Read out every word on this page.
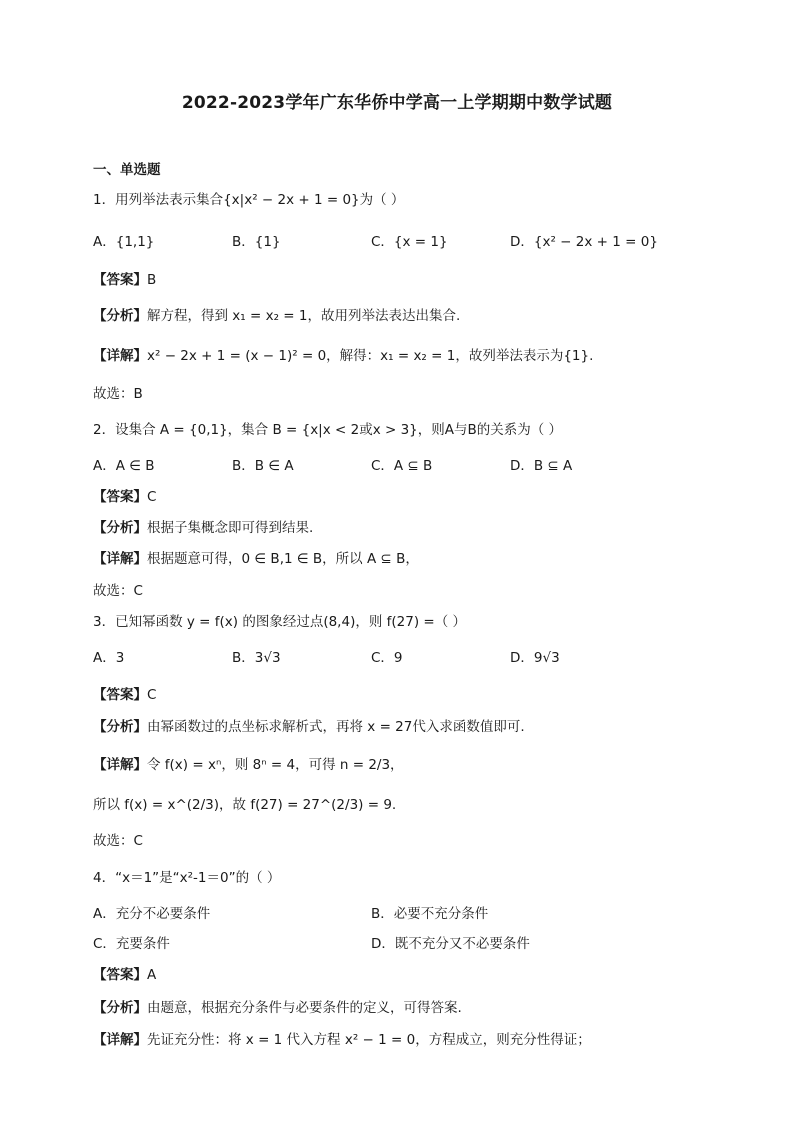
2022-2023学年广东华侨中学高一上学期期中数学试题
一、单选题
1．用列举法表示集合{x|x² − 2x + 1 = 0}为（ ）
A．{1,1}	B．{1}	C．{x = 1}	D．{x² − 2x + 1 = 0}
【答案】B
【分析】解方程，得到 x₁ = x₂ = 1，故用列举法表达出集合.
【详解】x² − 2x + 1 = (x − 1)² = 0，解得：x₁ = x₂ = 1，故列举法表示为{1}.
故选：B
2．设集合 A = {0,1}，集合 B = {x|x < 2或x > 3}，则A与B的关系为（ ）
A．A ∈ B	B．B ∈ A	C．A ⊆ B	D．B ⊆ A
【答案】C
【分析】根据子集概念即可得到结果.
【详解】根据题意可得，0 ∈ B,1 ∈ B，所以 A ⊆ B，
故选：C
3．已知幂函数 y = f(x) 的图象经过点(8,4)，则 f(27) =（ ）
A．3	B．3√3	C．9	D．9√3
【答案】C
【分析】由幂函数过的点坐标求解析式，再将 x = 27代入求函数值即可.
【详解】令 f(x) = xⁿ，则 8ⁿ = 4，可得 n = 2/3，
所以 f(x) = x^(2/3)，故 f(27) = 27^(2/3) = 9.
故选：C
4．“x＝1”是“x²-1＝0”的（ ）
A．充分不必要条件	B．必要不充分条件
C．充要条件	D．既不充分又不必要条件
【答案】A
【分析】由题意，根据充分条件与必要条件的定义，可得答案.
【详解】先证充分性：将 x = 1 代入方程 x² − 1 = 0，方程成立，则充分性得证；
